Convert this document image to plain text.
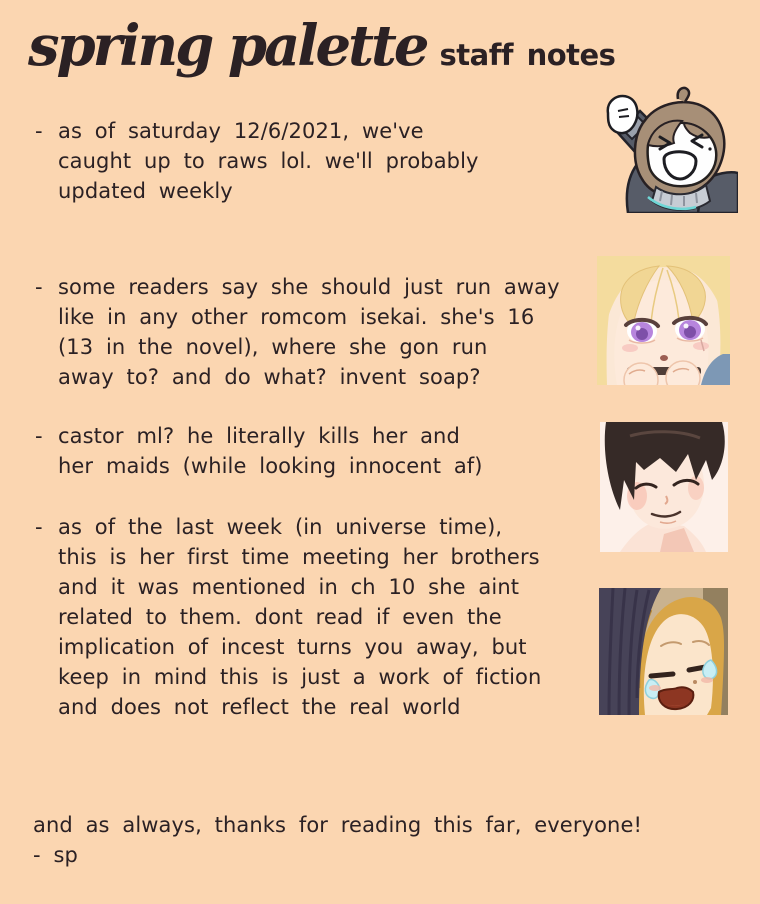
spring palette staff notes
- as of saturday 12/6/2021, we've
caught up to raws lol. we'll probably
updated weekly
- some readers say she should just run away
like in any other romcom isekai. she's 16
(13 in the novel), where she gon run
away to? and do what? invent soap?
- castor ml? he literally kills her and
her maids (while looking innocent af)
- as of the last week (in universe time),
this is her first time meeting her brothers
and it was mentioned in ch 10 she aint
related to them. dont read if even the
implication of incest turns you away, but
keep in mind this is just a work of fiction
and does not reflect the real world
and as always, thanks for reading this far, everyone!
- sp
